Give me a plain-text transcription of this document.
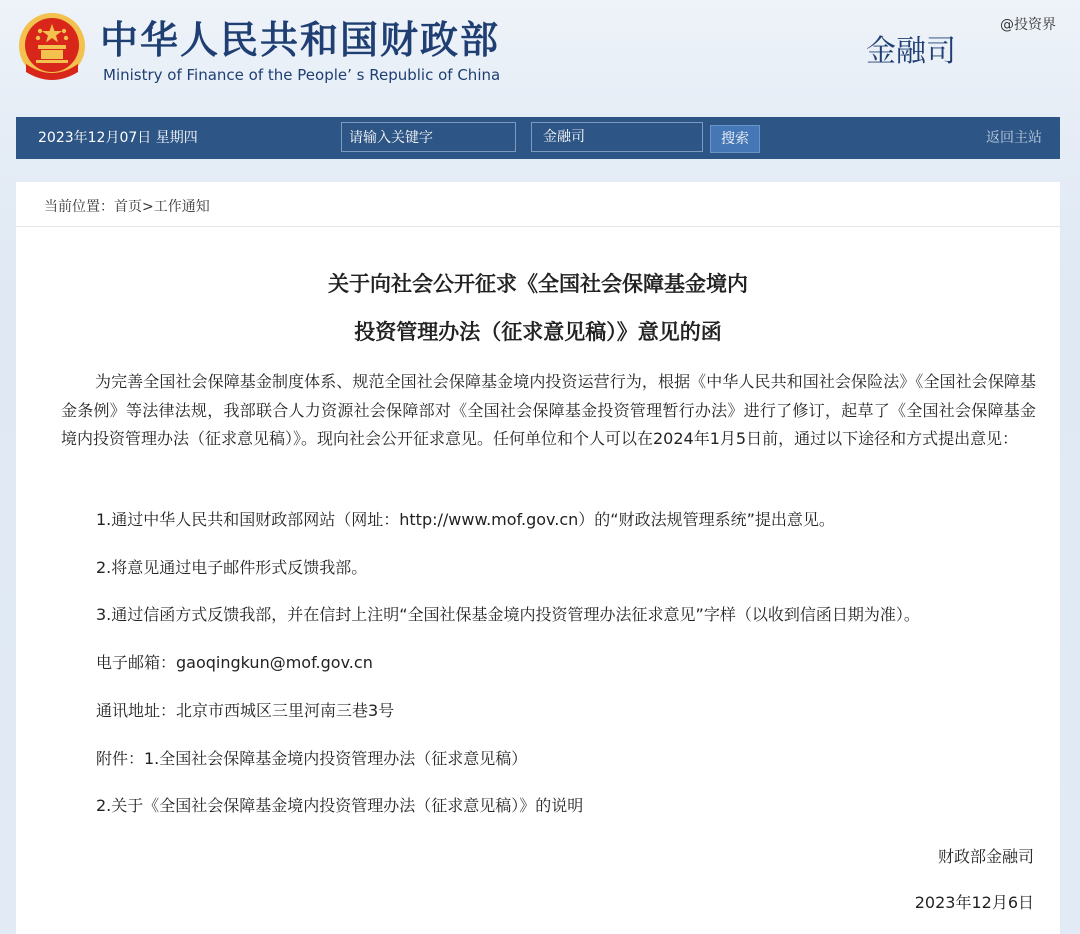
中华人民共和国财政部
Ministry of Finance of the People’ s Republic of China
金融司
@投资界
2023年12月07日 星期四
请输入关键字	金融司	搜索	返回主站
当前位置：首页>工作通知
关于向社会公开征求《全国社会保障基金境内
投资管理办法（征求意见稿）》意见的函
为完善全国社会保障基金制度体系、规范全国社会保障基金境内投资运营行为，根据《中华人民共和国社会保险法》《全国社会保障基金条例》等法律法规，我部联合人力资源社会保障部对《全国社会保障基金投资管理暂行办法》进行了修订，起草了《全国社会保障基金境内投资管理办法（征求意见稿）》。现向社会公开征求意见。任何单位和个人可以在2024年1月5日前，通过以下途径和方式提出意见：
1.通过中华人民共和国财政部网站（网址：http://www.mof.gov.cn）的“财政法规管理系统”提出意见。
2.将意见通过电子邮件形式反馈我部。
3.通过信函方式反馈我部，并在信封上注明“全国社保基金境内投资管理办法征求意见”字样（以收到信函日期为准）。
电子邮箱：gaoqingkun@mof.gov.cn
通讯地址：北京市西城区三里河南三巷3号
附件：1.全国社会保障基金境内投资管理办法（征求意见稿）
2.关于《全国社会保障基金境内投资管理办法（征求意见稿）》的说明
财政部金融司
2023年12月6日
